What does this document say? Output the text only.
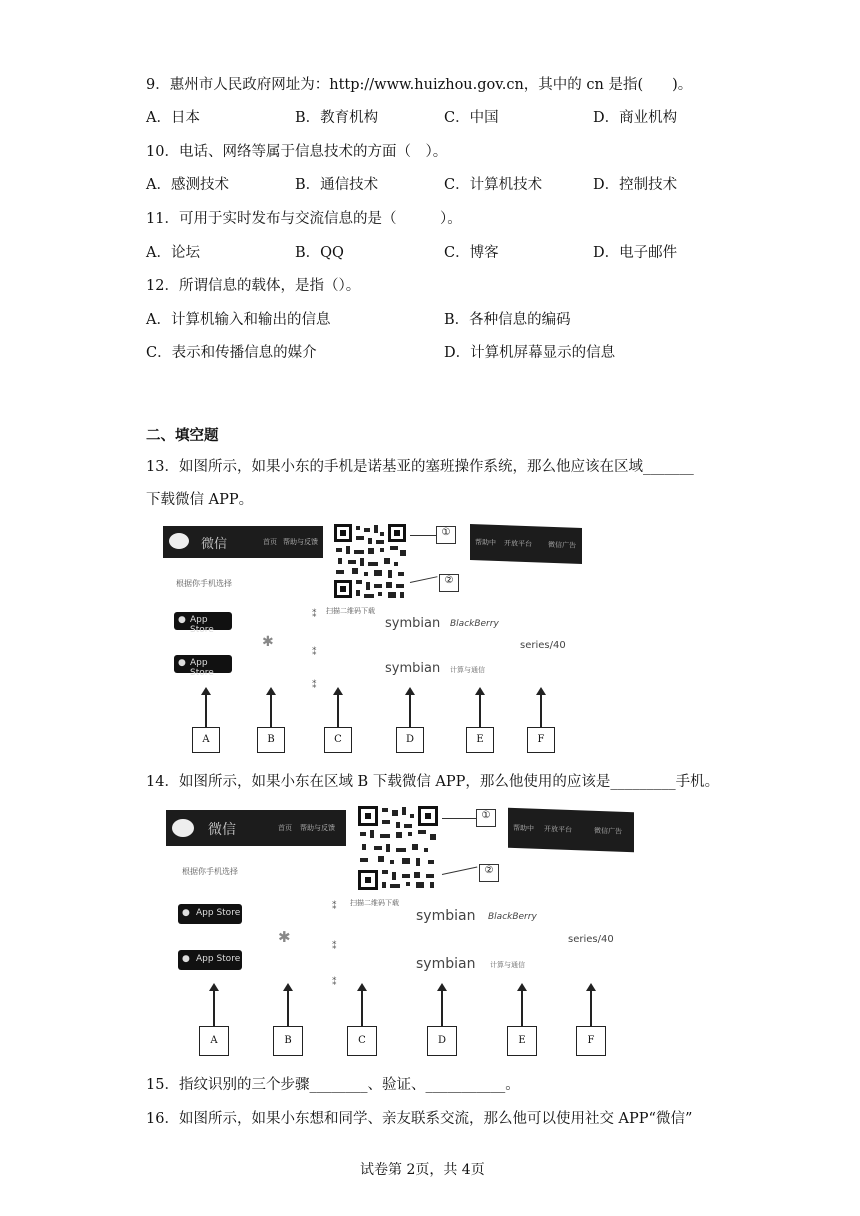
9．惠州市人民政府网址为：http://www.huizhou.gov.cn，其中的 cn 是指(　　)。
A．日本	B．教育机构	C．中国	D．商业机构
10．电话、网络等属于信息技术的方面（　）。
A．感测技术	B．通信技术	C．计算机技术	D．控制技术
11．可用于实时发布与交流信息的是（　　　）。
A．论坛	B．QQ	C．博客	D．电子邮件
12．所谓信息的载体，是指（）。
A．计算机输入和输出的信息	B．各种信息的编码
C．表示和传播信息的媒介	D．计算机屏幕显示的信息
二、填空题
13．如图所示，如果小东的手机是诺基亚的塞班操作系统，那么他应该在区域_______
下载微信 APP。
微信	首页 帮助与反馈	帮助中 开放平台 微信广告
扫描二维码下载
①
②
根据你手机选择
● App Store
● App Store
✱
⁑
⁑
⁑
symbian BlackBerry
series/40
symbian 计算与通信
A	B	C	D	E	F
14．如图所示，如果小东在区域 B 下载微信 APP，那么他使用的应该是_________手机。
微信	首页 帮助与反馈	帮助中 开放平台	微信广告
扫描二维码下载
①
②
根据你手机选择
● App Store
● App Store
✱
⁑
⁑
⁑
symbian BlackBerry
series/40
symbian 计算与通信
A	B	C	D	E	F
15．指纹识别的三个步骤________、验证、___________。
16．如图所示，如果小东想和同学、亲友联系交流，那么他可以使用社交 APP“微信”
试卷第 2页，共 4页
